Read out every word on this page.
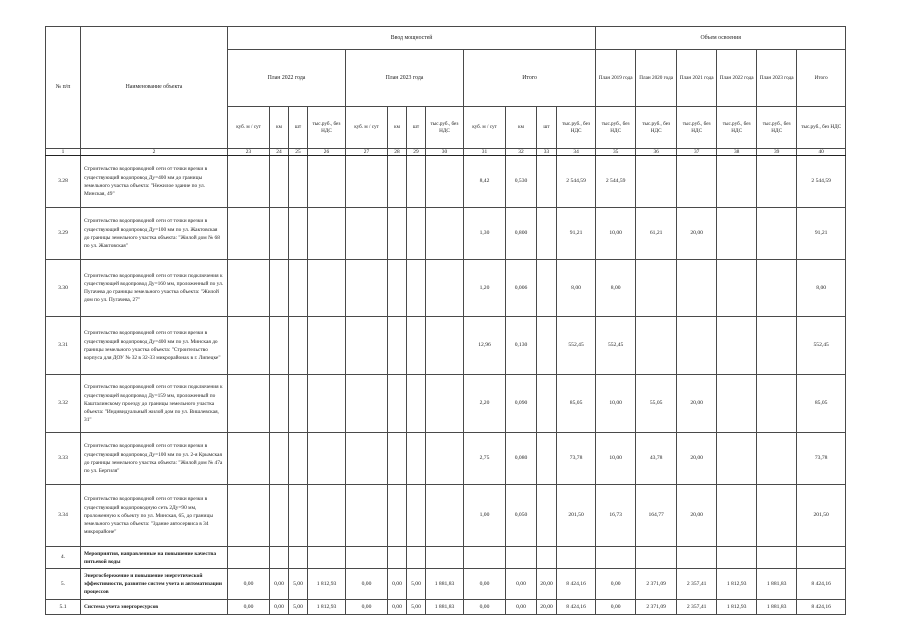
№ п/п	Наименование объекта	Ввод мощностей												Объем освоения					
		План 2022 года				План 2023 года				Итого				План 2019 года	План 2020 года	План 2021 года	План 2022 года	План 2023 года	Итого
		куб. м / сут	км	шт	тыс.руб., без НДС	куб. м / сут	км	шт	тыс.руб., без НДС	куб. м / сут	км	шт	тыс.руб., без НДС	тыс.руб., без НДС	тыс.руб., без НДС	тыс.руб., без НДС	тыс.руб., без НДС	тыс.руб., без НДС	тыс.руб., без НДС
1	2	23	24	25	26	27	28	29	30	31	32	33	34	35	36	37	38	39	40
3.28	Строительство водопроводной сети от точки врезки в существующий водопровод Ду=400 мм до границы земельного участка объекта: "Нежилое здание по ул. Минская, 49"									8,42	0,530		2 544,59	2 544,59					2 544,59
3.29	Строительство водопроводной сети от точки врезки в существующий водопровод Ду=100 мм по ул. Жактовская до границы земельного участка объекта: "Жилой дом № 68 по ул. Жактовская"									1,30	0,800		91,21	10,00	61,21	20,00			91,21
3.30	Строительство водопроводной сети от точки подключения к существующей водопровод Ду=160 мм, проложенный по ул. Пугачева до границы земельного участка объекта: "Жилой дом по ул. Пугачева, 27"									1,20	0,006		8,00	8,00					8,00
3.31	Строительство водопроводной сети от точки врезки в существующий водопровод Ду=400 мм по ул. Минская до границы земельного участка объекта: "Строительство корпуса для ДОУ № 32 в 32-33 микрорайонах в г. Липецке"									12,96	0,130		552,45	552,45					552,45
3.32	Строительство водопроводной сети от точки подключения к существующей водопровод Ду=159 мм, проложенный по Кашталинскому проезду до границы земельного участка объекта: "Индивидуальный жилой дом по ул. Вишлевская, 31"									2,20	0,090		85,05	10,00	55,05	20,00			85,05
3.33	Строительство водопроводной сети от точки врезки в существующий водопровод Ду=100 мм по ул. 2-я Крымская до границы земельного участка объекта: "Жилой дом № 47а по ул. Бергиля"									2,75	0,080		73,78	10,00	43,78	20,00			73,78
3.34	Строительство водопроводной сети от точки врезки в существующий водопроводную сеть 2Ду=90 мм, проложенную к объекту по ул. Минская, 65, до границы земельного участка объекта: "Здание автосервиса в 34 микрорайоне"									1,00	0,050		201,50	16,73	164,77	20,00			201,50
4.	Мероприятия, направленные на повышение качества питьевой воды																		
5.	Энергосбережение и повышение энергетической эффективности, развитие систем учета и автоматизации процессов	0,00	0,00	5,00	1 812,93	0,00	0,00	5,00	1 881,83	0,00	0,00	20,00	8 424,16	0,00	2 371,09	2 357,41	1 812,93	1 881,83	8 424,16
5.1	Система учета энергоресурсов	0,00	0,00	5,00	1 812,93	0,00	0,00	5,00	1 881,83	0,00	0,00	20,00	8 424,16	0,00	2 371,09	2 357,41	1 812,93	1 881,83	8 424,16
